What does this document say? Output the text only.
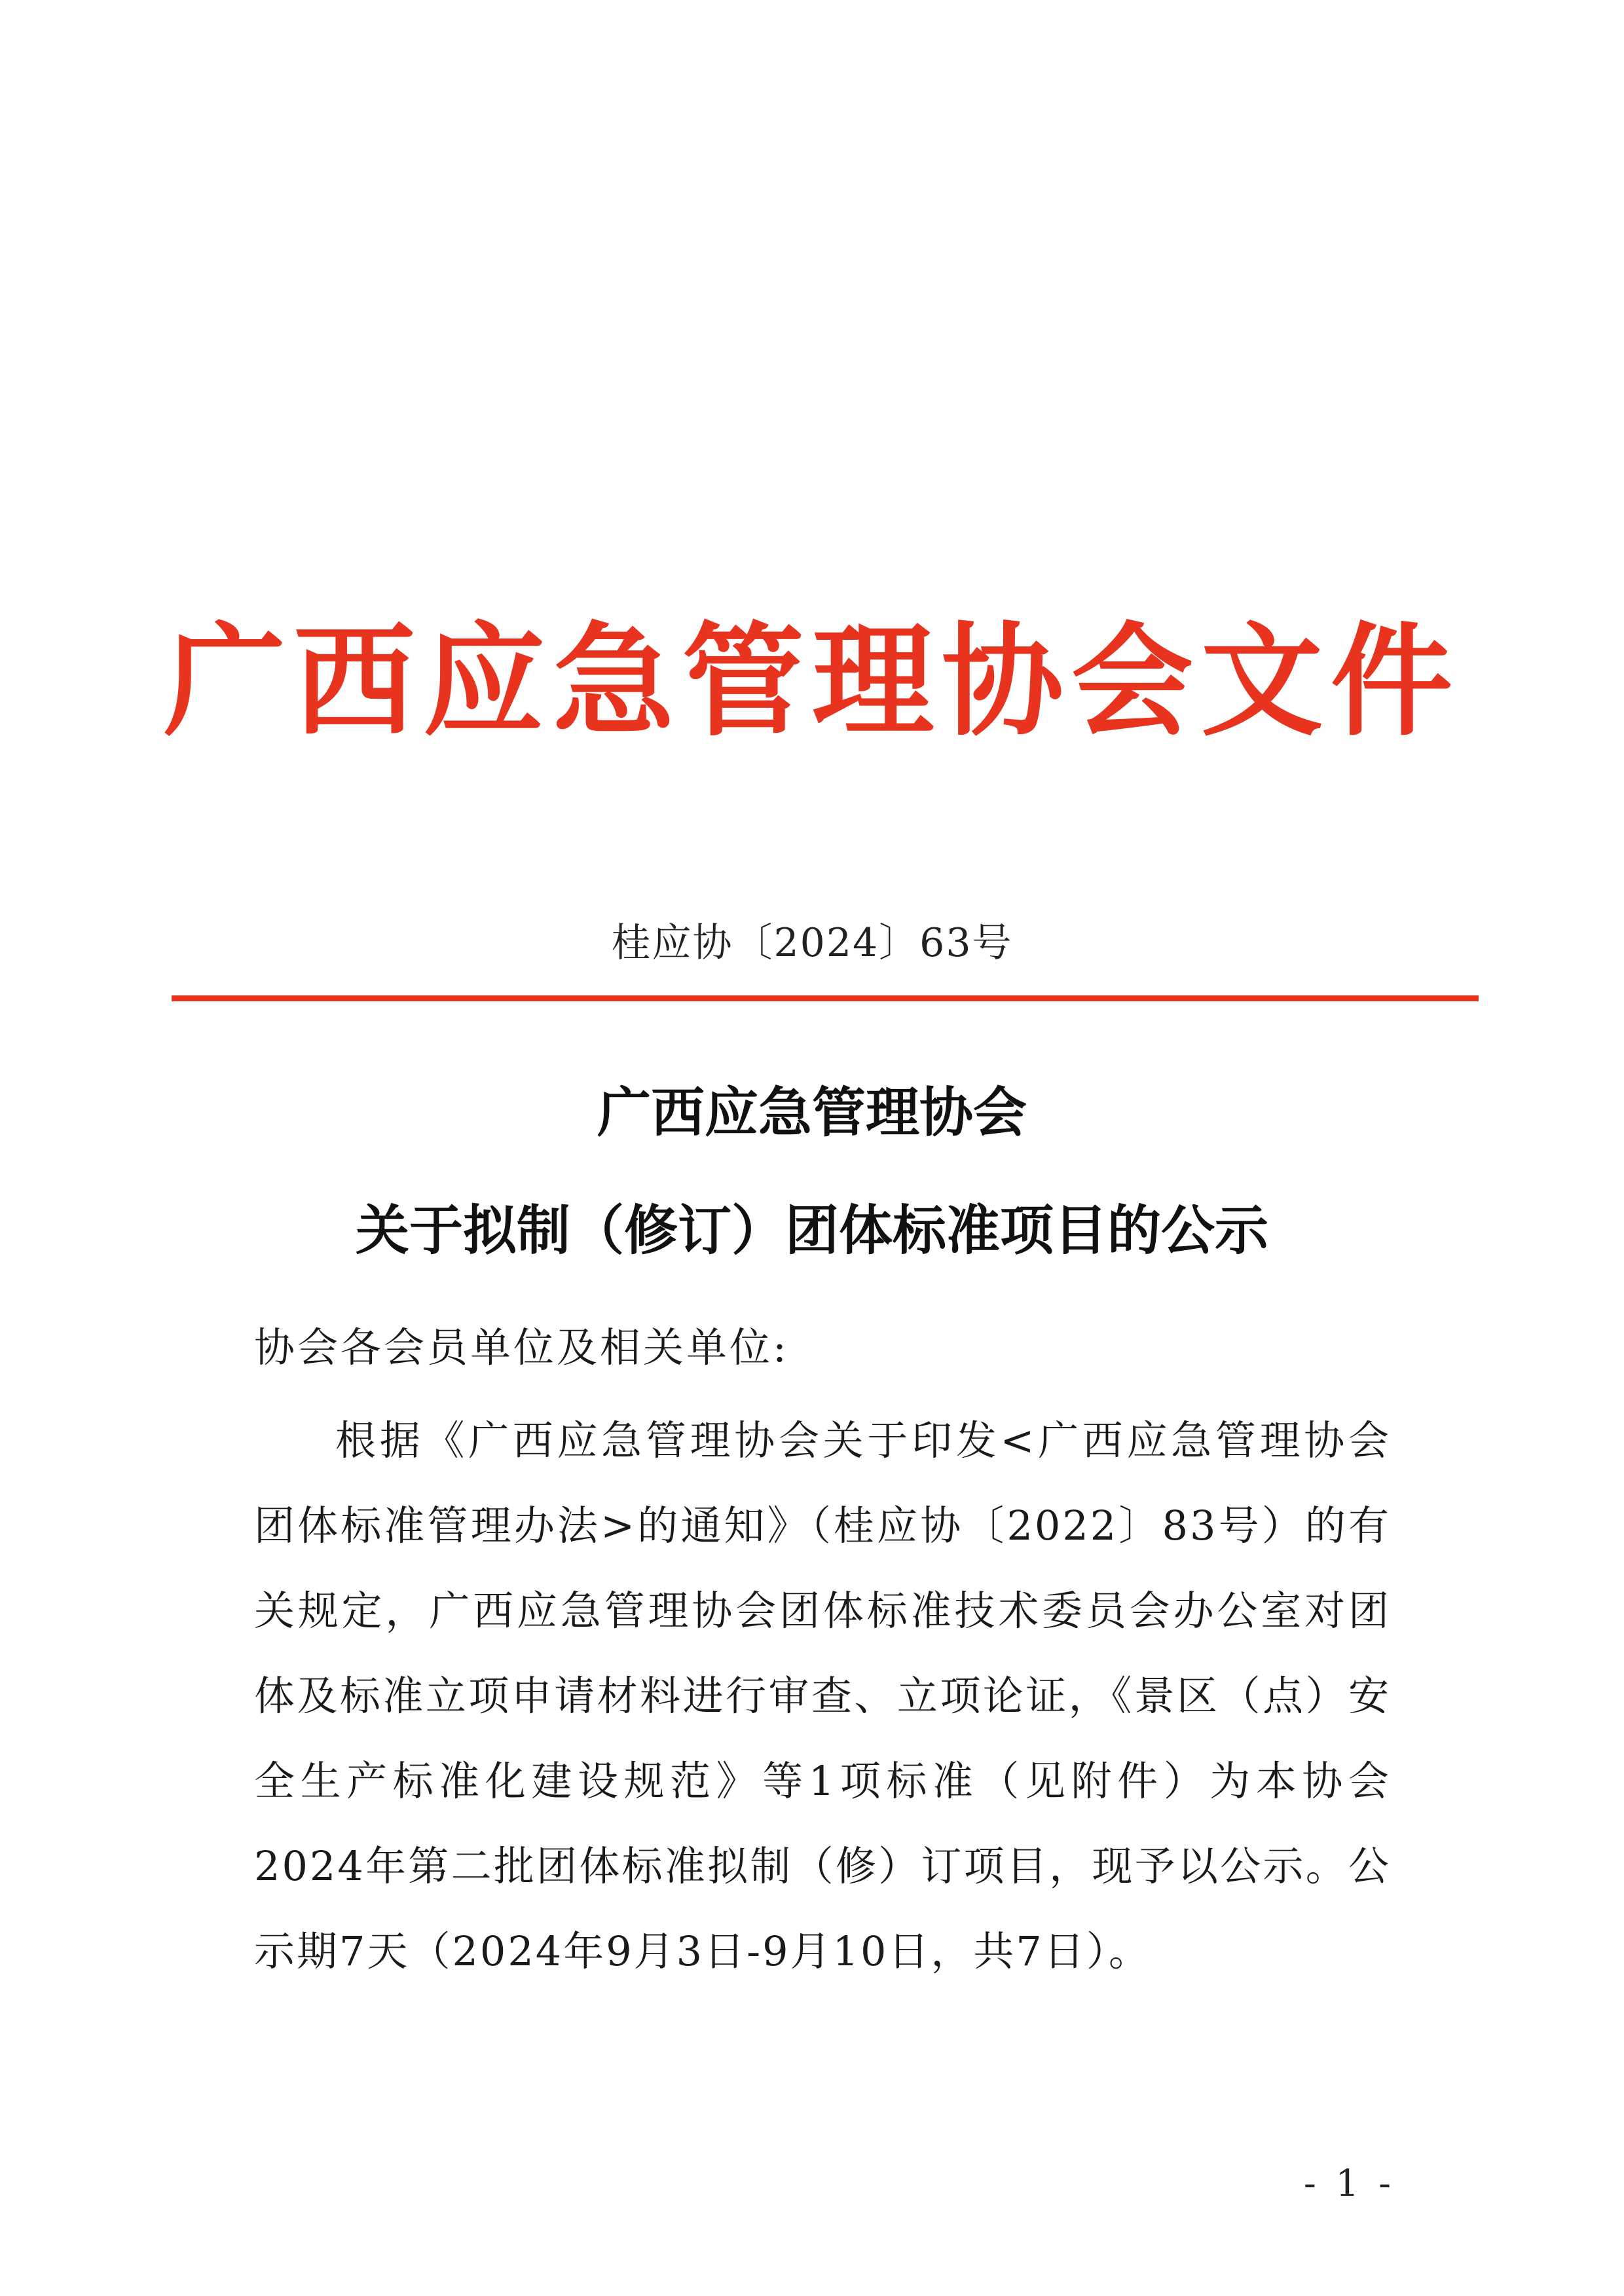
广西应急管理协会文件
桂应协〔2024〕63号
广西应急管理协会
关于拟制（修订）团体标准项目的公示
协会各会员单位及相关单位:
根据《广西应急管理协会关于印发<广西应急管理协会团体标准管理办法>的通知》（桂应协〔2022〕83号）的有关规定，广西应急管理协会团体标准技术委员会办公室对团体及标准立项申请材料进行审查、立项论证，《景区（点）安全生产标准化建设规范》等1项标准（见附件）为本协会2024年第二批团体标准拟制（修）订项目，现予以公示。公示期7天（2024年9月3日-9月10日，共7日）。
- 1 -
